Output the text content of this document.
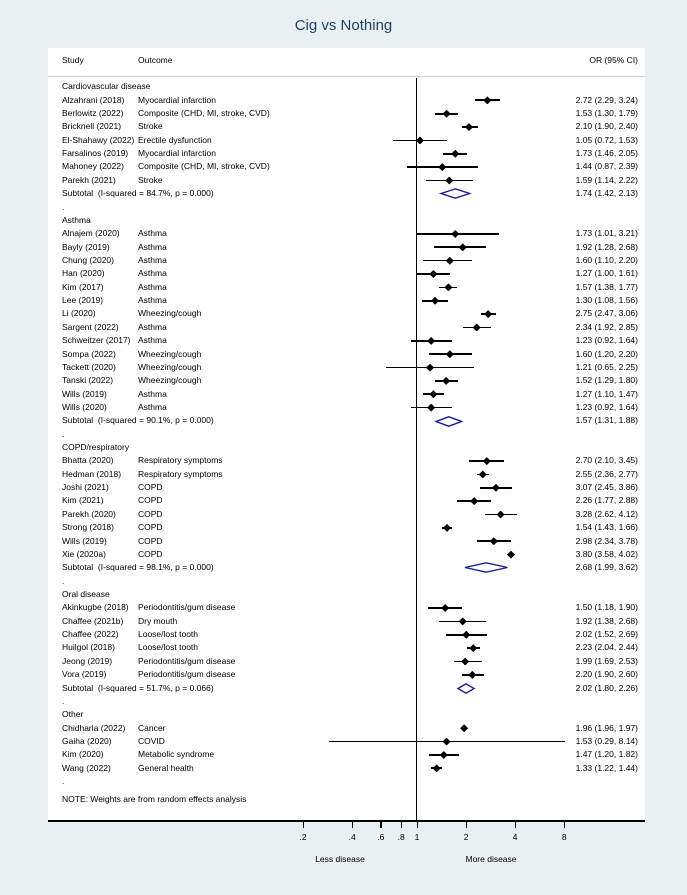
Cig vs Nothing
Study	Outcome	OR (95% CI)
Cardiovascular disease
Alzahrani (2018) Myocardial infarction	2.72 (2.29, 3.24)
Berlowitz (2022) Composite (CHD, MI, stroke, CVD)	1.53 (1.30, 1.79)
Bricknell (2021) Stroke	2.10 (1.90, 2.40)
El-Shahawy (2022) Erectile dysfunction	1.05 (0.72, 1.53)
Farsalinos (2019) Myocardial infarction	1.73 (1.46, 2.05)
Mahoney (2022) Composite (CHD, MI, stroke, CVD)	1.44 (0.87, 2.39)
Parekh (2021)	Stroke	1.59 (1.14, 2.22)
Subtotal  (I-squared = 84.7%, p = 0.000)	1.74 (1.42, 2.13)
.
Asthma
Alnajem (2020) Asthma	1.73 (1.01, 3.21)
Bayly (2019)	Asthma	1.92 (1.28, 2.68)
Chung (2020)	Asthma	1.60 (1.10, 2.20)
Han (2020)	Asthma	1.27 (1.00, 1.61)
Kim (2017)	Asthma	1.57 (1.38, 1.77)
Lee (2019)	Asthma	1.30 (1.08, 1.56)
Li (2020)	Wheezing/cough	2.75 (2.47, 3.06)
Sargent (2022) Asthma	2.34 (1.92, 2.85)
Schweitzer (2017) Asthma	1.23 (0.92, 1.64)
Sompa (2022)	Wheezing/cough	1.60 (1.20, 2.20)
Tackett (2020)	Wheezing/cough	1.21 (0.65, 2.25)
Tanski (2022)	Wheezing/cough	1.52 (1.29, 1.80)
Wills (2019)	Asthma	1.27 (1.10, 1.47)
Wills (2020)	Asthma	1.23 (0.92, 1.64)
Subtotal  (I-squared = 90.1%, p = 0.000)	1.57 (1.31, 1.88)
.
COPD/respiratory
Bhatta (2020)	Respiratory symptoms	2.70 (2.10, 3.45)
Hedman (2018) Respiratory symptoms	2.55 (2.36, 2.77)
Joshi (2021)	COPD	3.07 (2.45, 3.86)
Kim (2021)	COPD	2.26 (1.77, 2.88)
Parekh (2020)	COPD	3.28 (2.62, 4.12)
Strong (2018)	COPD	1.54 (1.43, 1.66)
Wills (2019)	COPD	2.98 (2.34, 3.78)
Xie (2020a)	COPD	3.80 (3.58, 4.02)
Subtotal  (I-squared = 98.1%, p = 0.000)	2.68 (1.99, 3.62)
.
Oral disease
Akinkugbe (2018) Periodontitis/gum disease	1.50 (1.18, 1.90)
Chaffee (2021b) Dry mouth	1.92 (1.38, 2.68)
Chaffee (2022) Loose/lost tooth	2.02 (1.52, 2.69)
Huilgol (2018)	Loose/lost tooth	2.23 (2.04, 2.44)
Jeong (2019)	Periodontitis/gum disease	1.99 (1.69, 2.53)
Vora (2019)	Periodontitis/gum disease	2.20 (1.90, 2.60)
Subtotal  (I-squared = 51.7%, p = 0.066)	2.02 (1.80, 2.26)
.
Other
Chidharla (2022) Cancer	1.96 (1.96, 1.97)
Gaiha (2020)	COVID	1.53 (0.29, 8.14)
Kim (2020)	Metabolic syndrome	1.47 (1.20, 1.82)
Wang (2022)	General health	1.33 (1.22, 1.44)
.
NOTE: Weights are from random effects analysis
.2	.4	.6 .8 1	2	4	8
Less disease	More disease
